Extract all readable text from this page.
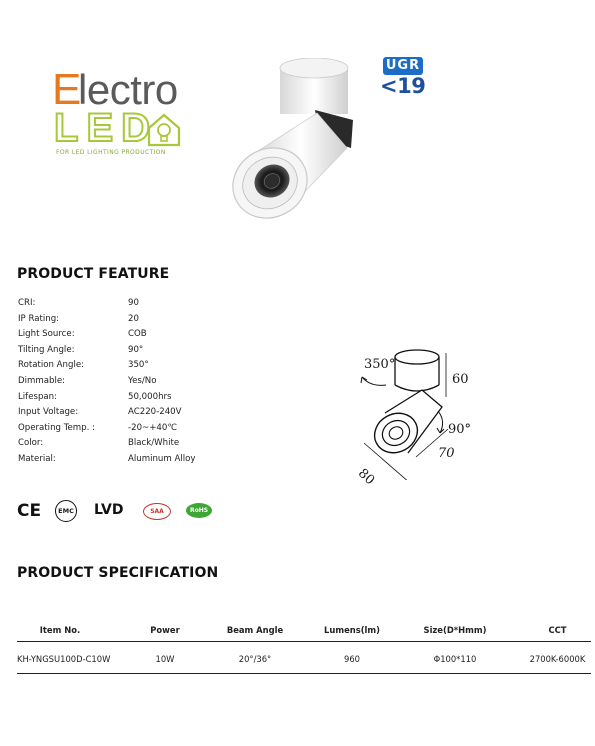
E
lectro
L E D
FOR LED LIGHTING PRODUCTION
UGR
<19
PRODUCT FEATURE
CRI:	90
IP Rating:	20
Light Source:	COB
Tilting Angle:	90°
Rotation Angle:	350°
Dimmable:	Yes/No
Lifespan:	50,000hrs
Input Voltage:	AC220-240V
Operating Temp. :	-20~+40℃
Color:	Black/White
Material:	Aluminum Alloy
350°
60
90°
70
80
CE	EMC LVD	SAA	RoHS
PRODUCT SPECIFICATION
Item No.	Power	Beam Angle	Lumens(lm)	Size(D*Hmm)	CCT
KH-YNGSU100D-C10W	10W	20°/36°	960	Φ100*110	2700K-6000K
